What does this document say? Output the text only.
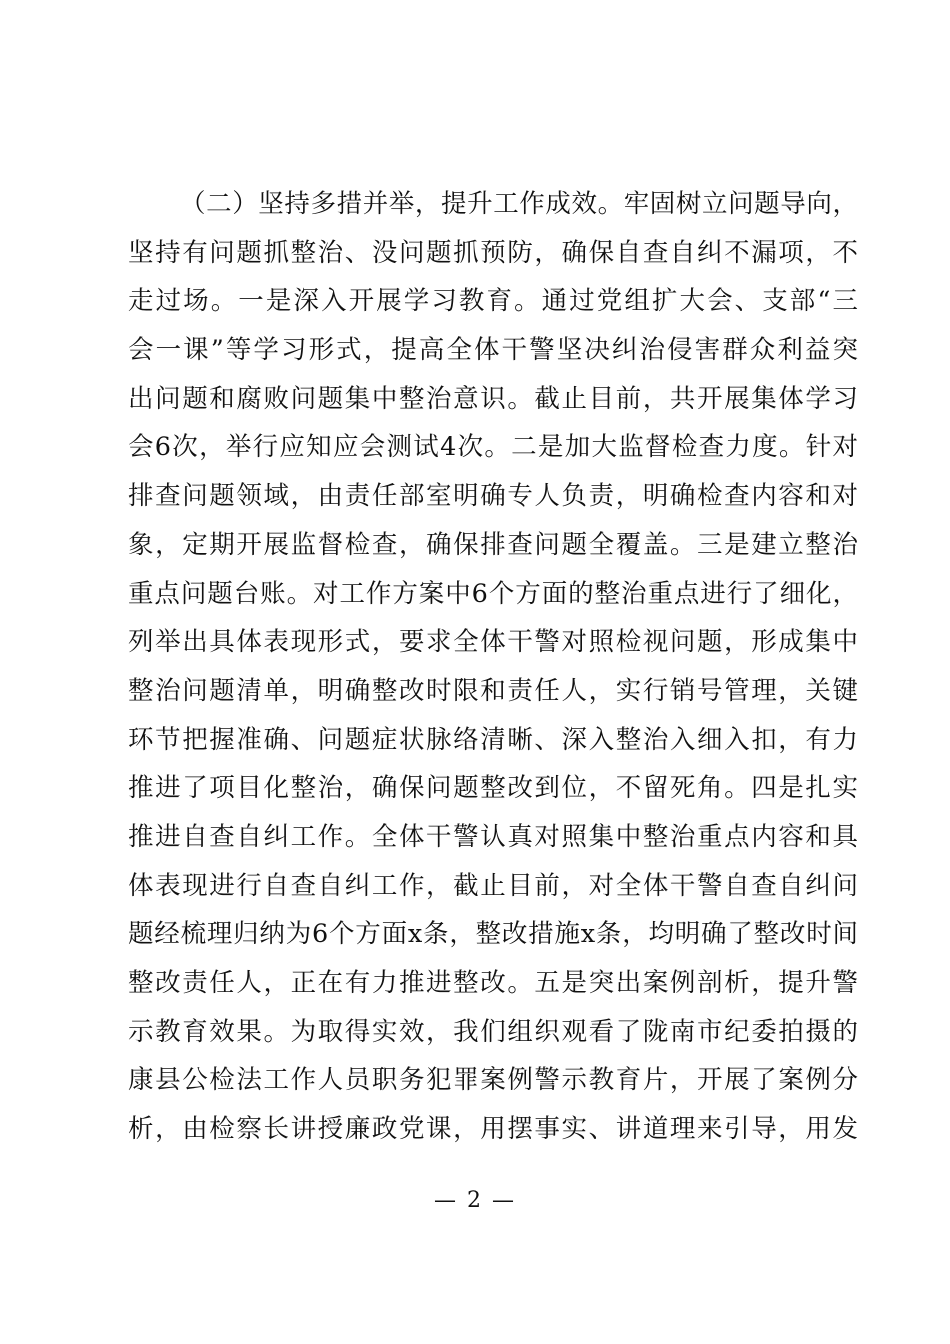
（二）坚持多措并举，提升工作成效。牢固树立问题导向，
坚持有问题抓整治、没问题抓预防，确保自查自纠不漏项，不
走过场。一是深入开展学习教育。通过党组扩大会、支部“三
会一课”等学习形式，提高全体干警坚决纠治侵害群众利益突
出问题和腐败问题集中整治意识。截止目前，共开展集体学习
会6次，举行应知应会测试4次。二是加大监督检查力度。针对
排查问题领域，由责任部室明确专人负责，明确检查内容和对
象，定期开展监督检查，确保排查问题全覆盖。三是建立整治
重点问题台账。对工作方案中6个方面的整治重点进行了细化，
列举出具体表现形式，要求全体干警对照检视问题，形成集中
整治问题清单，明确整改时限和责任人，实行销号管理，关键
环节把握准确、问题症状脉络清晰、深入整治入细入扣，有力
推进了项目化整治，确保问题整改到位，不留死角。四是扎实
推进自查自纠工作。全体干警认真对照集中整治重点内容和具
体表现进行自查自纠工作，截止目前，对全体干警自查自纠问
题经梳理归纳为6个方面x条，整改措施x条，均明确了整改时间
整改责任人，正在有力推进整改。五是突出案例剖析，提升警
示教育效果。为取得实效，我们组织观看了陇南市纪委拍摄的
康县公检法工作人员职务犯罪案例警示教育片，开展了案例分
析，由检察长讲授廉政党课，用摆事实、讲道理来引导，用发
— 2 —
